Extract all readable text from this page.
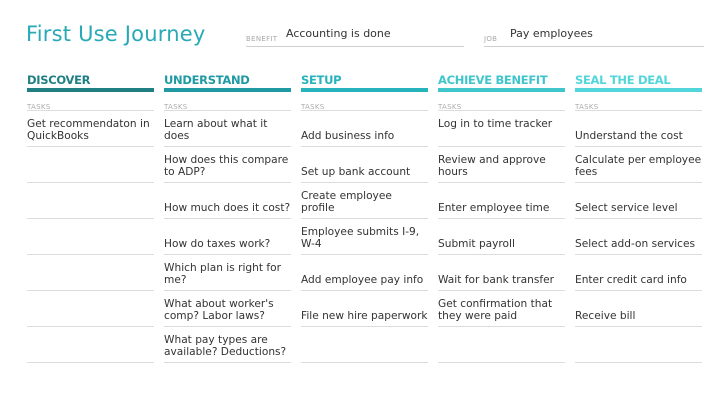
First Use Journey	BENEFIT Accounting is done	JOB Pay employees
DISCOVER
TASKS
Get recommendaton in QuickBooks
UNDERSTAND
TASKS
Learn about what it does
How does this compare to ADP?
How much does it cost?
How do taxes work?
Which plan is right for me?
What about worker's comp? Labor laws?
What pay types are available? Deductions?
SETUP
TASKS
Add business info
Set up bank account
Create employee profile
Employee submits I-9, W-4
Add employee pay info
File new hire paperwork
ACHIEVE BENEFIT
TASKS
Log in to time tracker
Review and approve hours
Enter employee time
Submit payroll
Wait for bank transfer
Get confirmation that they were paid
SEAL THE DEAL
TASKS
Understand the cost
Calculate per employee fees
Select service level
Select add-on services
Enter credit card info
Receive bill
